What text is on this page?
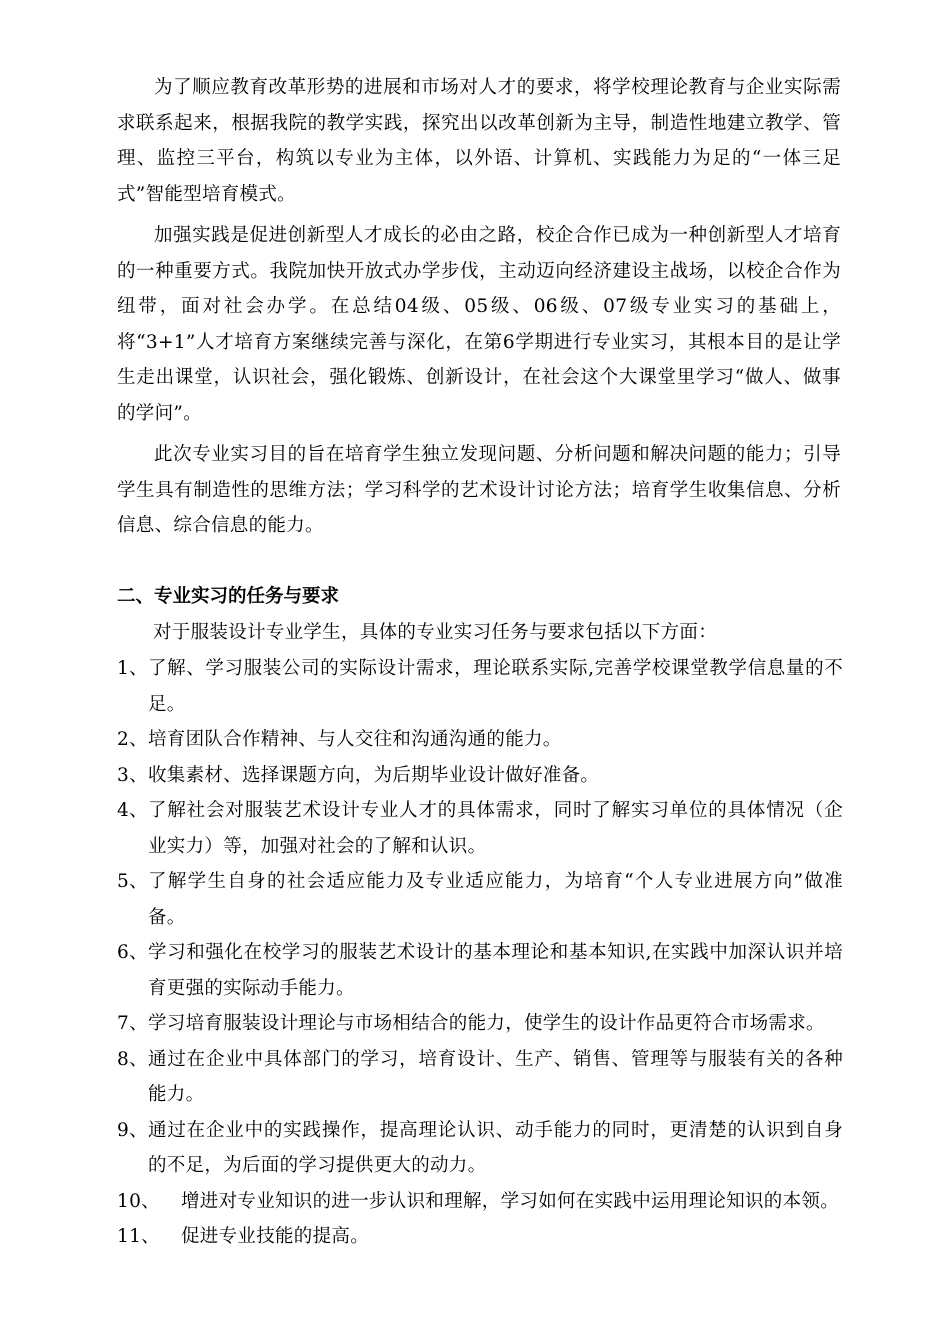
为了顺应教育改革形势的进展和市场对人才的要求，将学校理论教育与企业实际需求联系起来，根据我院的教学实践，探究出以改革创新为主导，制造性地建立教学、管理、监控三平台，构筑以专业为主体，以外语、计算机、实践能力为足的“一体三足式”智能型培育模式。

加强实践是促进创新型人才成长的必由之路，校企合作已成为一种创新型人才培育的一种重要方式。我院加快开放式办学步伐，主动迈向经济建设主战场，以校企合作为纽带，面对社会办学。在总结04级、05级、06级、07级专业实习的基础上，将“3+1”人才培育方案继续完善与深化，在第6学期进行专业实习，其根本目的是让学生走出课堂，认识社会，强化锻炼、创新设计，在社会这个大课堂里学习“做人、做事的学问”。

此次专业实习目的旨在培育学生独立发现问题、分析问题和解决问题的能力；引导学生具有制造性的思维方法；学习科学的艺术设计讨论方法；培育学生收集信息、分析信息、综合信息的能力。

二、专业实习的任务与要求

对于服装设计专业学生，具体的专业实习任务与要求包括以下方面：

1、 了解、学习服装公司的实际设计需求，理论联系实际,完善学校课堂教学信息量的不足。
2、 培育团队合作精神、与人交往和沟通沟通的能力。
3、 收集素材、选择课题方向，为后期毕业设计做好准备。
4、 了解社会对服装艺术设计专业人才的具体需求，同时了解实习单位的具体情况（企业实力）等，加强对社会的了解和认识。
5、 了解学生自身的社会适应能力及专业适应能力，为培育“个人专业进展方向”做准备。
6、 学习和强化在校学习的服装艺术设计的基本理论和基本知识,在实践中加深认识并培育更强的实际动手能力。
7、 学习培育服装设计理论与市场相结合的能力，使学生的设计作品更符合市场需求。
8、 通过在企业中具体部门的学习，培育设计、生产、销售、管理等与服装有关的各种能力。
9、 通过在企业中的实践操作，提高理论认识、动手能力的同时，更清楚的认识到自身的不足，为后面的学习提供更大的动力。
10、 增进对专业知识的进一步认识和理解，学习如何在实践中运用理论知识的本领。
11、 促进专业技能的提高。
